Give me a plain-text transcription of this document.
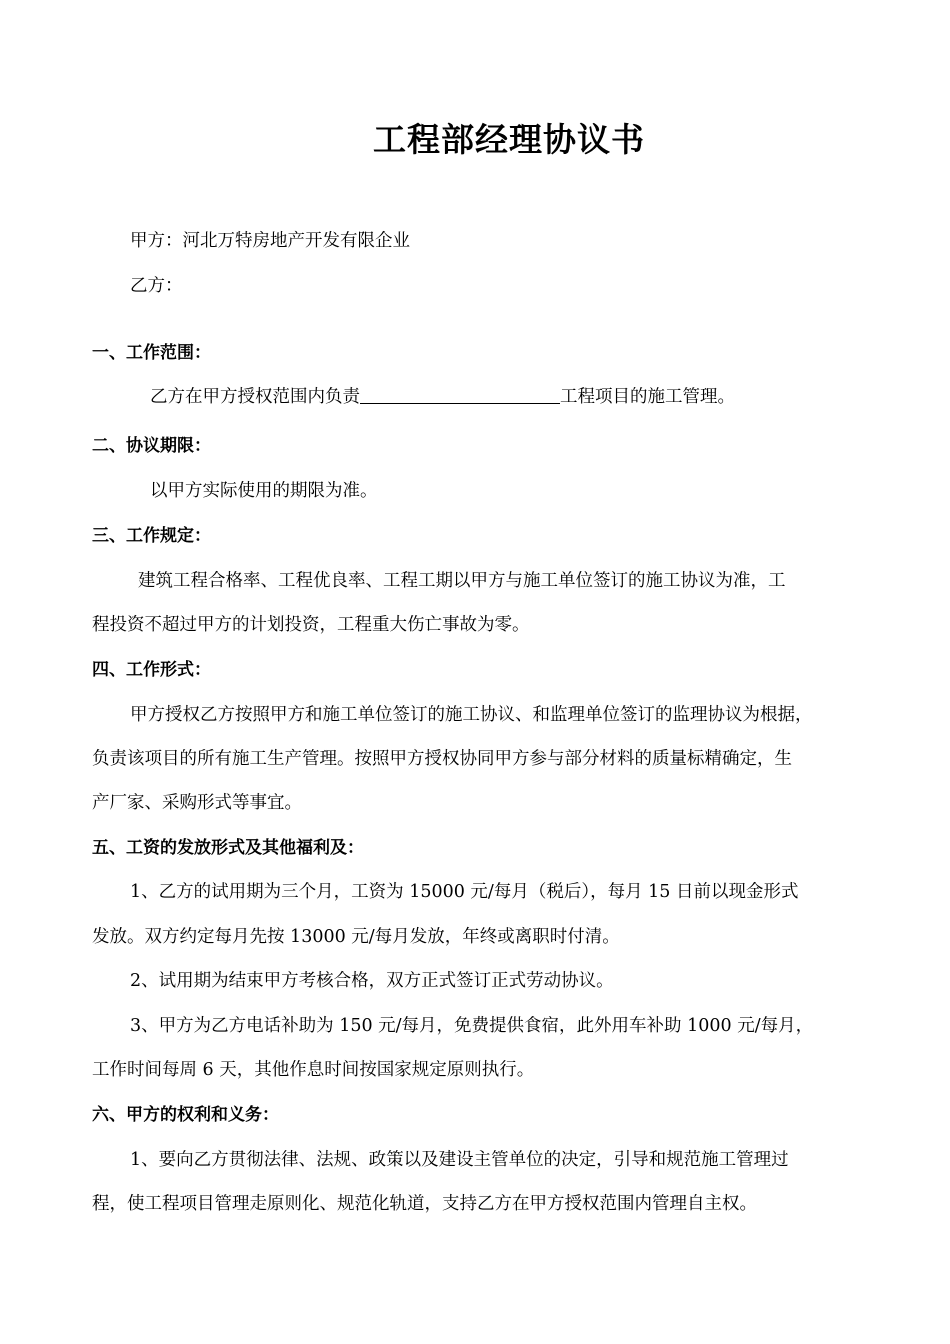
工程部经理协议书
甲方：河北万特房地产开发有限企业
乙方：
一、工作范围：
乙方在甲方授权范围内负责	工程项目的施工管理。
二、协议期限：
以甲方实际使用的期限为准。
三、工作规定：
建筑工程合格率、工程优良率、工程工期以甲方与施工单位签订的施工协议为准，工
程投资不超过甲方的计划投资，工程重大伤亡事故为零。
四、工作形式：
甲方授权乙方按照甲方和施工单位签订的施工协议、和监理单位签订的监理协议为根据，
负责该项目的所有施工生产管理。按照甲方授权协同甲方参与部分材料的质量标精确定，生
产厂家、采购形式等事宜。
五、工资的发放形式及其他福利及：
1、乙方的试用期为三个月，工资为 15000 元/每月（税后），每月 15 日前以现金形式
发放。双方约定每月先按 13000 元/每月发放，年终或离职时付清。
2、试用期为结束甲方考核合格，双方正式签订正式劳动协议。
3、甲方为乙方电话补助为 150 元/每月，免费提供食宿，此外用车补助 1000 元/每月，
工作时间每周 6 天，其他作息时间按国家规定原则执行。
六、甲方的权利和义务：
1、要向乙方贯彻法律、法规、政策以及建设主管单位的决定，引导和规范施工管理过
程，使工程项目管理走原则化、规范化轨道，支持乙方在甲方授权范围内管理自主权。
